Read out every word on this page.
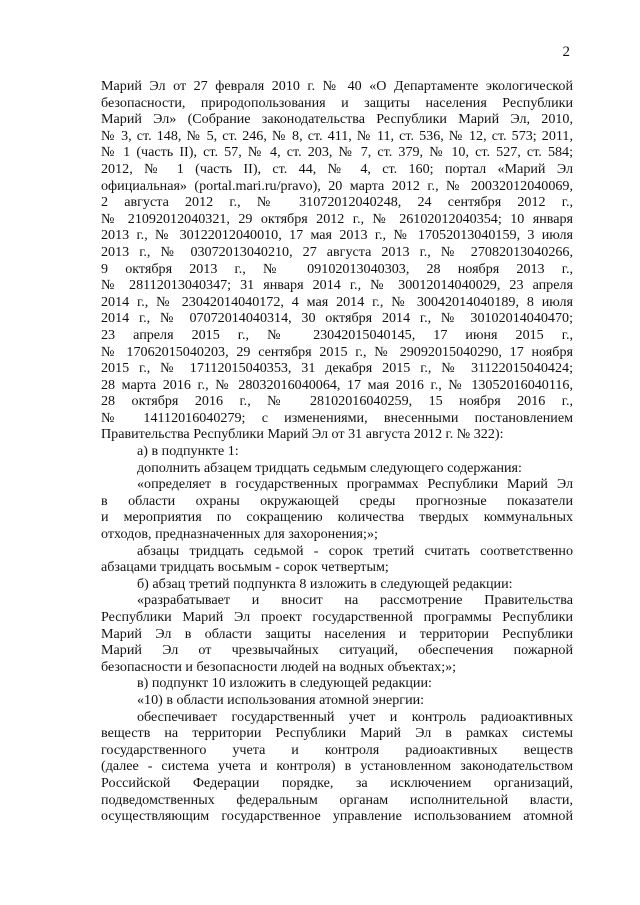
2
Марий Эл от 27 февраля 2010 г. № 40 «О Департаменте экологической
безопасности, природопользования и защиты населения Республики
Марий Эл» (Собрание законодательства Республики Марий Эл, 2010,
№ 3, ст. 148, № 5, ст. 246, № 8, ст. 411, № 11, ст. 536, № 12, ст. 573; 2011,
№ 1 (часть II), ст. 57, № 4, ст. 203, № 7, ст. 379, № 10, ст. 527, ст. 584;
2012, № 1 (часть II), ст. 44, № 4, ст. 160; портал «Марий Эл
официальная» (portal.mari.ru/pravo), 20 марта 2012 г., № 20032012040069,
2 августа 2012 г., № 31072012040248, 24 сентября 2012 г.,
№ 21092012040321, 29 октября 2012 г., № 26102012040354; 10 января
2013 г., № 30122012040010, 17 мая 2013 г., № 17052013040159, 3 июля
2013 г., № 03072013040210, 27 августа 2013 г., № 27082013040266,
9 октября 2013 г., № 09102013040303, 28 ноября 2013 г.,
№ 28112013040347; 31 января 2014 г., № 30012014040029, 23 апреля
2014 г., № 23042014040172, 4 мая 2014 г., № 30042014040189, 8 июля
2014 г., № 07072014040314, 30 октября 2014 г., № 30102014040470;
23 апреля 2015 г., № 23042015040145, 17 июня 2015 г.,
№ 17062015040203, 29 сентября 2015 г., № 29092015040290, 17 ноября
2015 г., № 17112015040353, 31 декабря 2015 г., № 31122015040424;
28 марта 2016 г., № 28032016040064, 17 мая 2016 г., № 13052016040116,
28 октября 2016 г., № 28102016040259, 15 ноября 2016 г.,
№ 14112016040279; с изменениями, внесенными постановлением
Правительства Республики Марий Эл от 31 августа 2012 г. № 322):
а) в подпункте 1:
дополнить абзацем тридцать седьмым следующего содержания:
«определяет в государственных программах Республики Марий Эл
в области охраны окружающей среды прогнозные показатели
и мероприятия по сокращению количества твердых коммунальных
отходов, предназначенных для захоронения;»;
абзацы тридцать седьмой - сорок третий считать соответственно
абзацами тридцать восьмым - сорок четвертым;
б) абзац третий подпункта 8 изложить в следующей редакции:
«разрабатывает и вносит на рассмотрение Правительства
Республики Марий Эл проект государственной программы Республики
Марий Эл в области защиты населения и территории Республики
Марий Эл от чрезвычайных ситуаций, обеспечения пожарной
безопасности и безопасности людей на водных объектах;»;
в) подпункт 10 изложить в следующей редакции:
«10) в области использования атомной энергии:
обеспечивает государственный учет и контроль радиоактивных
веществ на территории Республики Марий Эл в рамках системы
государственного учета и контроля радиоактивных веществ
(далее - система учета и контроля) в установленном законодательством
Российской Федерации порядке, за исключением организаций,
подведомственных федеральным органам исполнительной власти,
осуществляющим государственное управление использованием атомной
